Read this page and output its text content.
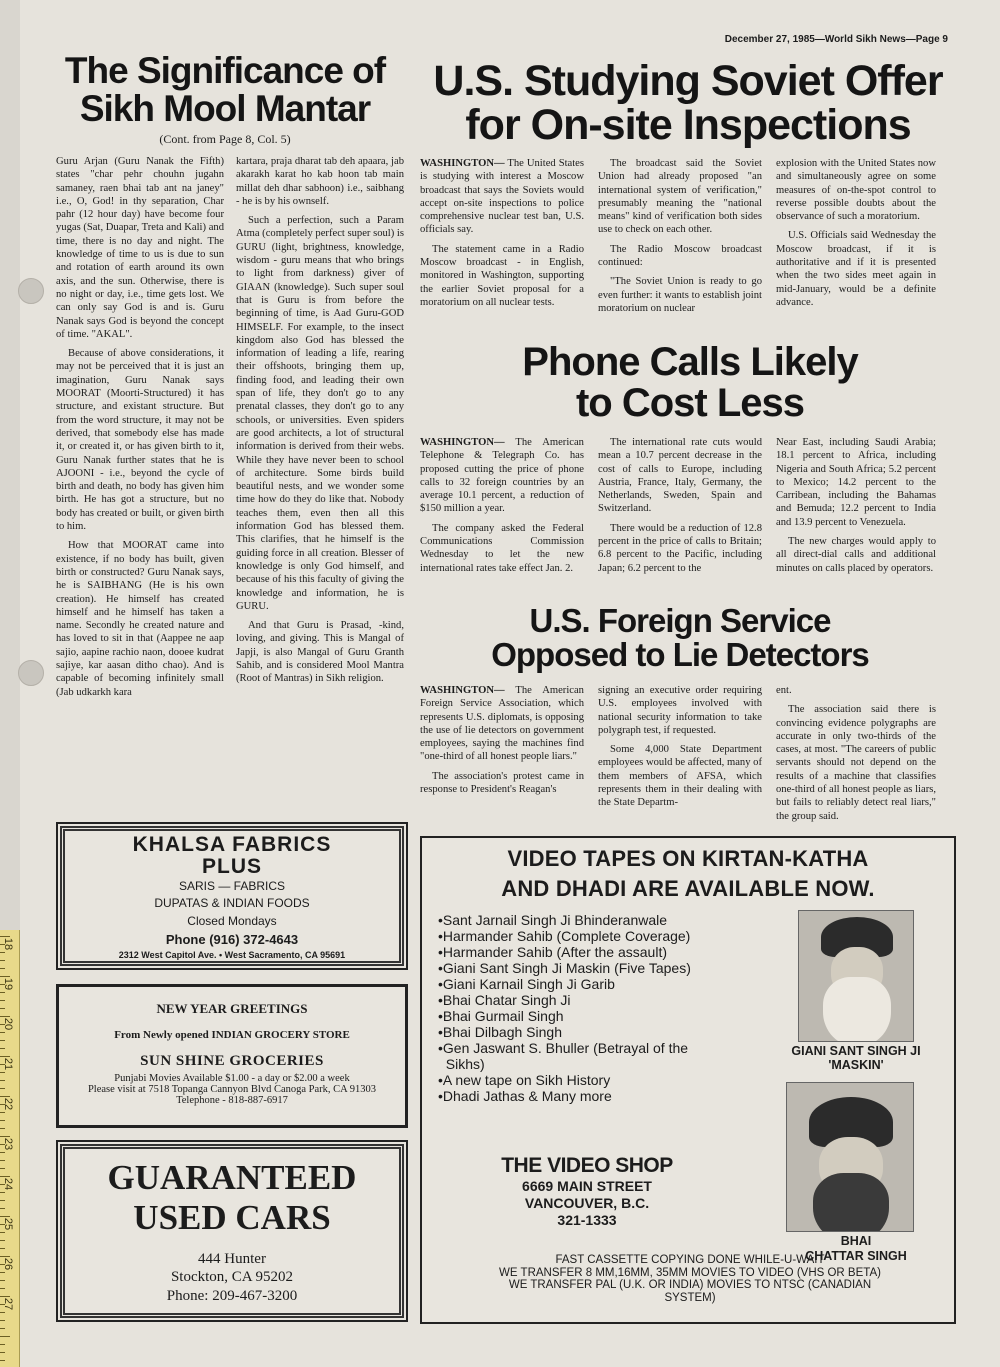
December 27, 1985—World Sikh News—Page 9
The Significance of
Sikh Mool Mantar
(Cont. from Page 8, Col. 5)

Guru Arjan (Guru Nanak the Fifth) states "char pehr chouhn jugahn samaney, raen bhai tab ant na janey" i.e., O, God! in thy separation, Char pahr (12 hour day) have become four yugas (Sat, Duapar, Treta and Kali) and time, there is no day and night. The knowledge of time to us is due to sun and rotation of earth around its own axis, and the sun. Otherwise, there is no night or day, i.e., time gets lost. We can only say God is and is. Guru Nanak says God is beyond the concept of time. "AKAL".

Because of above considerations, it may not be perceived that it is just an imagination, Guru Nanak says MOORAT (Moorti-Structured) it has structure, and existant structure. But from the word structure, it may not be derived, that somebody else has made it, or created it, or has given birth to it, Guru Nanak further states that he is AJOONI - i.e., beyond the cycle of birth and death, no body has given him birth. He has got a structure, but no body has created or built, or given birth to him.

How that MOORAT came into existence, if no body has built, given birth or constructed? Guru Nanak says, he is SAIBHANG (He is his own creation). He himself has created himself and he himself has taken a name. Secondly he created nature and has loved to sit in that (Aappee ne aap sajio, aapine rachio naon, dooee kudrat sajiye, kar aasan ditho chao). And is capable of becoming infinitely small (Jab udkarkh kara

kartara, praja dharat tab deh apaara, jab akarakh karat ho kab hoon tab main millat deh dhar sabhoon) i.e., saibhang - he is by his ownself.

Such a perfection, such a Param Atma (completely perfect super soul) is GURU (light, brightness, knowledge, wisdom - guru means that who brings to light from darkness) giver of GIAAN (knowledge). Such super soul that is Guru is from before the beginning of time, is Aad Guru-GOD HIMSELF. For example, to the insect kingdom also God has blessed the information of leading a life, rearing their offshoots, bringing them up, finding food, and leading their own span of life, they don't go to any prenatal classes, they don't go to any schools, or universities. Even spiders are good architects, a lot of structural information is derived from their webs. While they have never been to school of architecture. Some birds build beautiful nests, and we wonder some time how do they do like that. Nobody teaches them, even then all this information God has blessed them. This clarifies, that he himself is the guiding force in all creation. Blesser of knowledge is only God himself, and because of his this faculty of giving the knowledge and information, he is GURU.

And that Guru is Prasad, -kind, loving, and giving. This is Mangal of Japji, is also Mangal of Guru Granth Sahib, and is considered Mool Mantra (Root of Mantras) in Sikh religion.

U.S. Studying Soviet Offer
for On-site Inspections

WASHINGTON— The United States is studying with interest a Moscow broadcast that says the Soviets would accept on-site inspections to police comprehensive nuclear test ban, U.S. officials say.

The statement came in a Radio Moscow broadcast - in English, monitored in Washington, supporting the earlier Soviet proposal for a moratorium on all nuclear tests.

The broadcast said the Soviet Union had already proposed "an international system of verification," presumably meaning the "national means" kind of verification both sides use to check on each other.

The Radio Moscow broadcast continued:

"The Soviet Union is ready to go even further: it wants to establish joint moratorium on nuclear

explosion with the United States now and simultaneously agree on some measures of on-the-spot control to reverse possible doubts about the observance of such a moratorium.

U.S. Officials said Wednesday the Moscow broadcast, if it is authoritative and if it is presented when the two sides meet again in mid-January, would be a definite advance.

Phone Calls Likely
to Cost Less

WASHINGTON— The American Telephone & Telegraph Co. has proposed cutting the price of phone calls to 32 foreign countries by an average 10.1 percent, a reduction of $150 million a year.

The company asked the Federal Communications Commission Wednesday to let the new international rates take effect Jan. 2.

The international rate cuts would mean a 10.7 percent decrease in the cost of calls to Europe, including Austria, France, Italy, Germany, the Netherlands, Sweden, Spain and Switzerland.

There would be a reduction of 12.8 percent in the price of calls to Britain; 6.8 percent to the Pacific, including Japan; 6.2 percent to the

Near East, including Saudi Arabia; 18.1 percent to Africa, including Nigeria and South Africa; 5.2 percent to Mexico; 14.2 percent to the Carribean, including the Bahamas and Bemuda; 12.2 percent to India and 13.9 percent to Venezuela.

The new charges would apply to all direct-dial calls and additional minutes on calls placed by operators.

U.S. Foreign Service
Opposed to Lie Detectors

WASHINGTON— The American Foreign Service Association, which represents U.S. diplomats, is opposing the use of lie detectors on government employees, saying the machines find "one-third of all honest people liars."

The association's protest came in response to President's Reagan's

signing an executive order requiring U.S. employees involved with national security information to take polygraph test, if requested.

Some 4,000 State Department employees would be affected, many of them members of AFSA, which represents them in their dealing with the State Departm-

ent.

The association said there is convincing evidence polygraphs are accurate in only two-thirds of the cases, at most. "The careers of public servants should not depend on the results of a machine that classifies one-third of all honest people as liars, but fails to reliably detect real liars," the group said.

KHALSA FABRICS
PLUS
SARIS — FABRICS
DUPATAS & INDIAN FOODS
Closed Mondays
Phone (916) 372-4643
2312 West Capitol Ave. • West Sacramento, CA 95691
NEW YEAR GREETINGS
From Newly opened INDIAN GROCERY STORE
SUN SHINE GROCERIES
Punjabi Movies Available $1.00 - a day or $2.00 a week
Please visit at 7518 Topanga Cannyon Blvd Canoga Park, CA 91303
Telephone - 818-887-6917
GUARANTEED
USED CARS
444 Hunter
Stockton, CA 95202
Phone: 209-467-3200
VIDEO TAPES ON KIRTAN-KATHA
AND DHADI ARE AVAILABLE NOW.
•Sant Jarnail Singh Ji Bhinderanwale
•Harmander Sahib (Complete Coverage)
•Harmander Sahib (After the assault)
•Giani Sant Singh Ji Maskin (Five Tapes)
•Giani Karnail Singh Ji Garib
•Bhai Chatar Singh Ji
•Bhai Gurmail Singh
•Bhai Dilbagh Singh
•Gen Jaswant S. Bhuller (Betrayal of the
Sikhs)
•A new tape on Sikh History
•Dhadi Jathas & Many more
GIANI SANT SINGH JI
'MASKIN'
BHAI
CHATTAR SINGH
THE VIDEO SHOP
6669 MAIN STREET
VANCOUVER, B.C.
321-1333
FAST CASSETTE COPYING DONE WHILE-U-WAIT
WE TRANSFER 8 MM,16MM, 35MM MOVIES TO VIDEO (VHS OR BETA)
WE TRANSFER PAL (U.K. OR INDIA) MOVIES TO NTSC (CANADIAN
SYSTEM)
18
19
20
21
22
23
24
25
26
27
